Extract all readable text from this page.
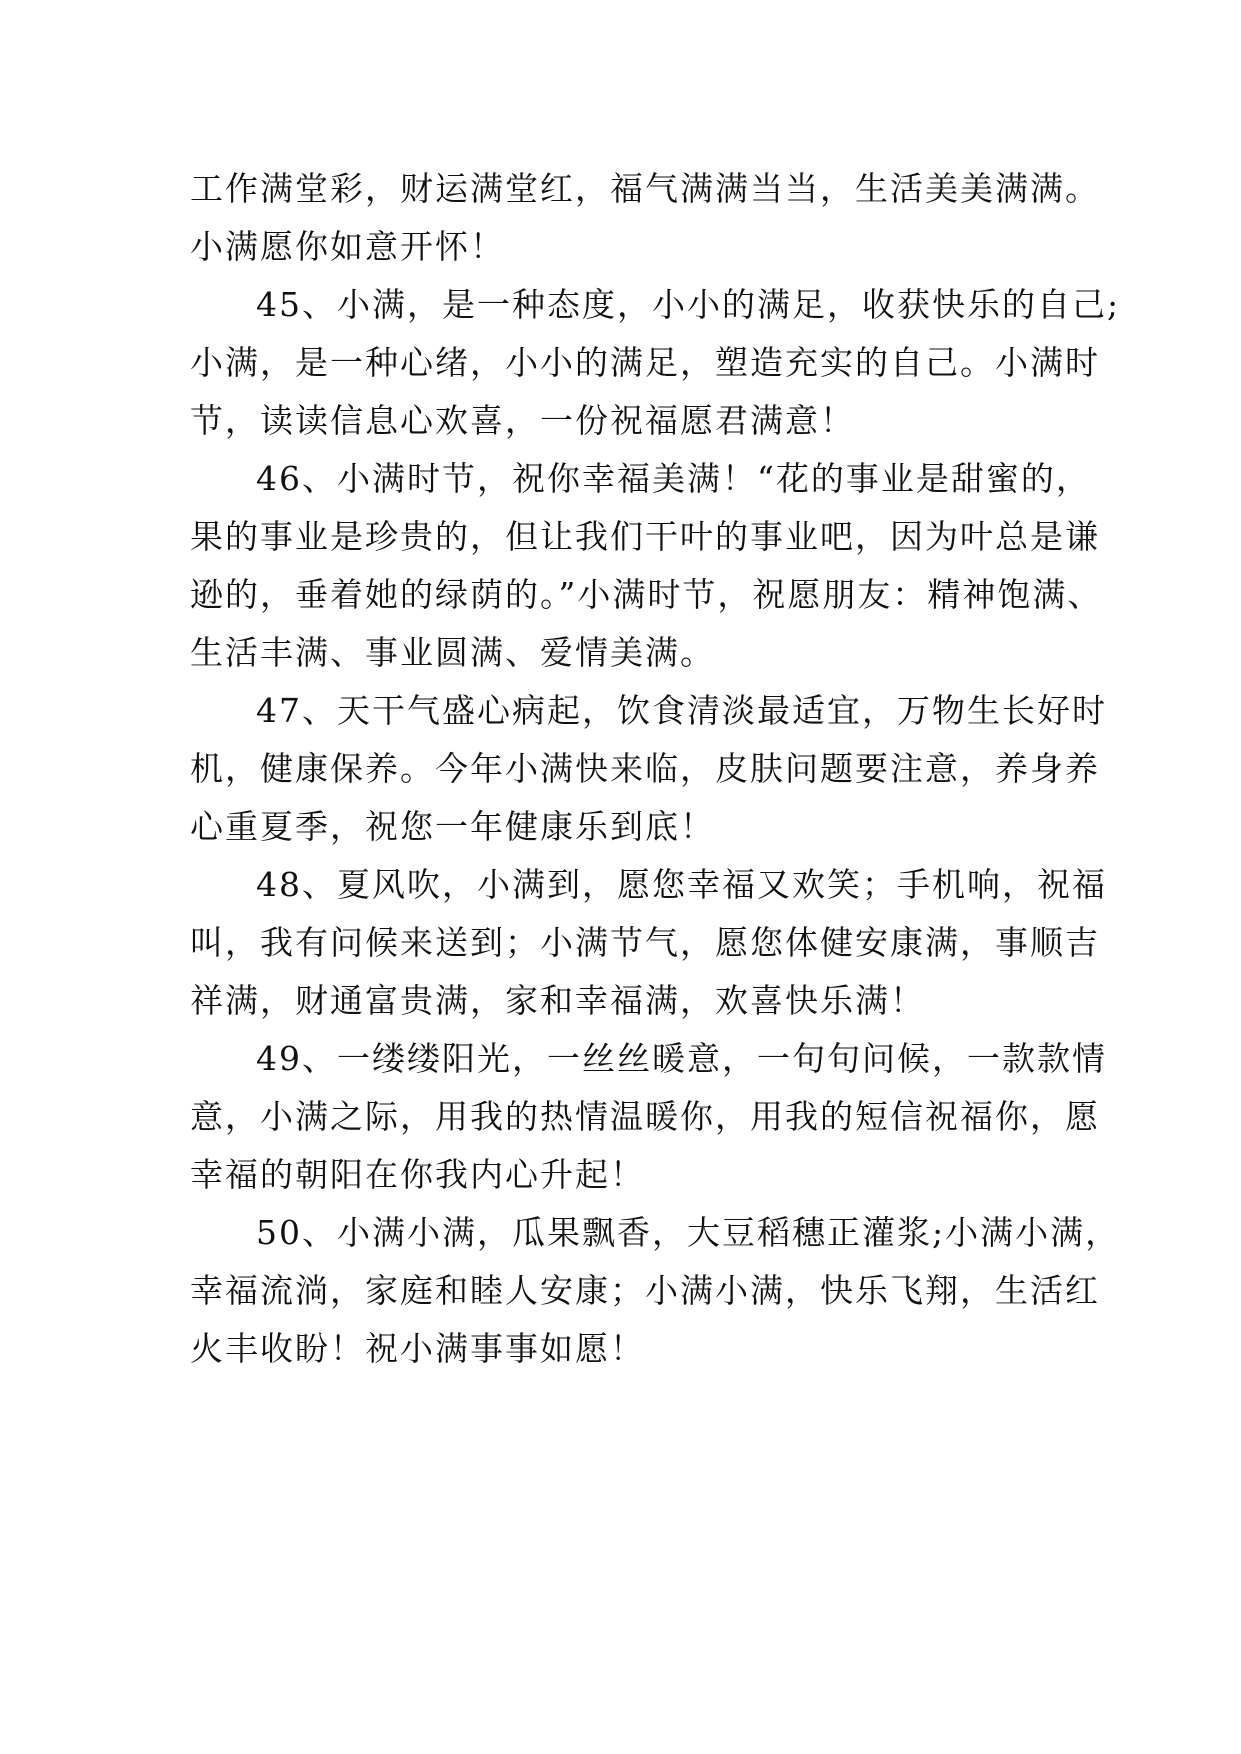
工作满堂彩，财运满堂红，福气满满当当，生活美美满满。
小满愿你如意开怀！
45、小满，是一种态度，小小的满足，收获快乐的自己;
小满，是一种心绪，小小的满足，塑造充实的自己。小满时
节，读读信息心欢喜，一份祝福愿君满意！
46、小满时节，祝你幸福美满！“花的事业是甜蜜的，
果的事业是珍贵的，但让我们干叶的事业吧，因为叶总是谦
逊的，垂着她的绿荫的。”小满时节，祝愿朋友：精神饱满、
生活丰满、事业圆满、爱情美满。
47、天干气盛心病起，饮食清淡最适宜，万物生长好时
机，健康保养。今年小满快来临，皮肤问题要注意，养身养
心重夏季，祝您一年健康乐到底！
48、夏风吹，小满到，愿您幸福又欢笑；手机响，祝福
叫，我有问候来送到；小满节气，愿您体健安康满，事顺吉
祥满，财通富贵满，家和幸福满，欢喜快乐满！
49、一缕缕阳光，一丝丝暖意，一句句问候，一款款情
意，小满之际，用我的热情温暖你，用我的短信祝福你，愿
幸福的朝阳在你我内心升起！
50、小满小满，瓜果飘香，大豆稻穗正灌浆;小满小满，
幸福流淌，家庭和睦人安康；小满小满，快乐飞翔，生活红
火丰收盼！祝小满事事如愿！
